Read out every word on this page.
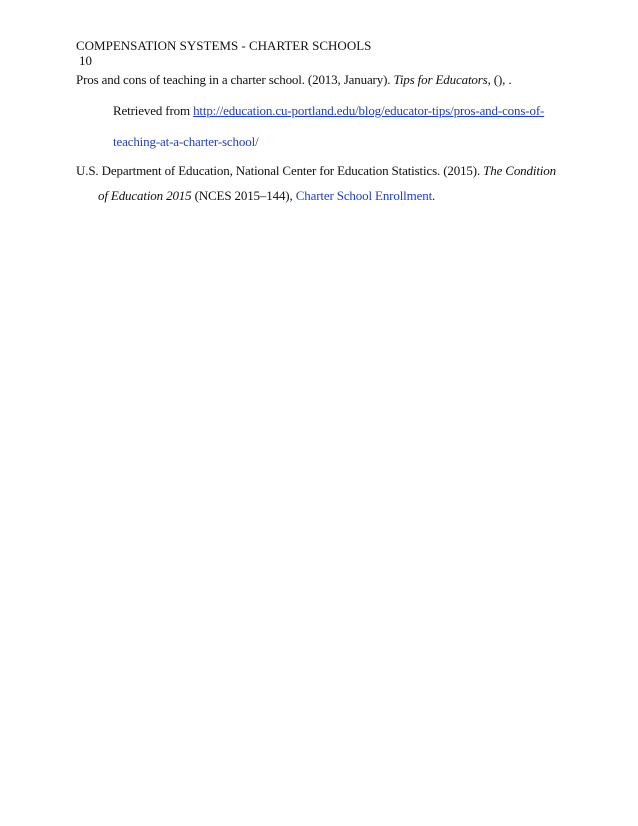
COMPENSATION SYSTEMS - CHARTER SCHOOLS
10
Pros and cons of teaching in a charter school. (2013, January). Tips for Educators, (), .
Retrieved from http://education.cu-portland.edu/blog/educator-tips/pros-and-cons-of-
teaching-at-a-charter-school/
U.S. Department of Education, National Center for Education Statistics. (2015). The Condition
of Education 2015 (NCES 2015–144), Charter School Enrollment.
